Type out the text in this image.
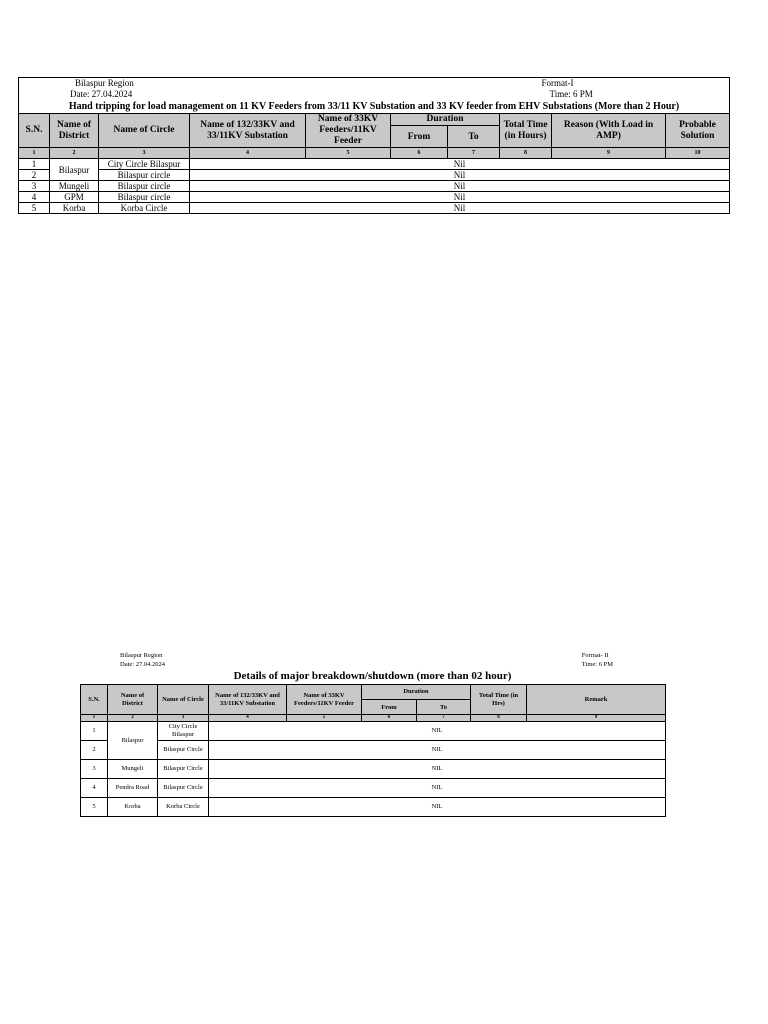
Bilaspur Region							Format-I		
Date: 27.04.2024							Time: 6 PM		
Hand tripping for load management on 11 KV Feeders from 33/11 KV Substation and 33 KV feeder from EHV Substations (More than 2 Hour)									
S.N.	Name of District	Name of Circle	Name of 132/33KV and 33/11KV Substation	Name of 33KV Feeders/11KV Feeder	Duration		Total Time (in Hours)	Reason (With Load in AMP)	Probable Solution
					From	To			
1	2	3	4	5	6	7	8	9	10
1	Bilaspur	City Circle Bilaspur	Nil						
2		Bilaspur circle	Nil						
3	Mungeli	Bilaspur circle	Nil						
4	GPM	Bilaspur circle	Nil						
5	Korba	Korba Circle	Nil						
Bilaspur Region
Date: 27.04.2024
Format- II
Time: 6 PM
Details of major breakdown/shutdown (more than 02 hour)
S.N.	Name of District	Name of Circle	Name of 132/33KV and 33/11KV Substation	Name of 33KV Feeders/11KV Feeder	Duration		Total Time (in Hrs)	Remark
					From	To		
1	2	3	4	5	6	7	8	9
1	Bilaspur	City Circle Bilaspur	NIL					
2		Bilaspur Circle	NIL					
3	Mungeli	Bilaspur Circle	NIL					
4	Pendra Road	Bilaspur Circle	NIL					
5	Korba	Korba Circle	NIL					
